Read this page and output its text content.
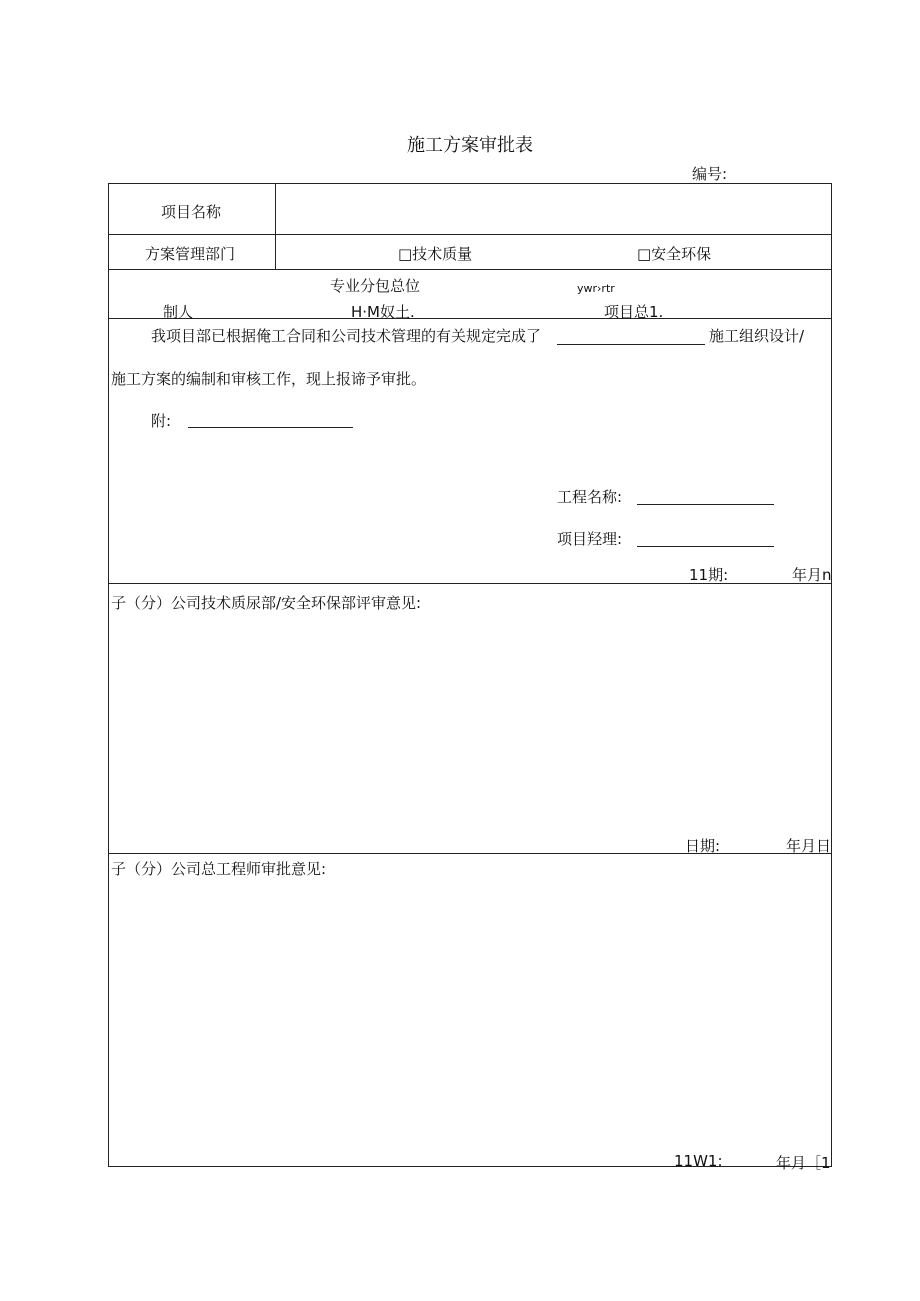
施工方案审批表
编号:
项目名称
方案管理部门	□技术质量	□安全环保
专业分包总位	ywr›rtr
制人	H·M奴土.	项目总1.
我项目部已根据俺工合同和公司技术管理的有关规定完成了	施工组织设计/
施工方案的编制和审核工作，现上报谛予审批。
附:
工程名称:
项目羟理:
11期:	年月n
子（分）公司技术质尿部/安全环保部评审意见:
日期:	年月日
子（分）公司总工程师审批意见:
11W1:	年月［1
